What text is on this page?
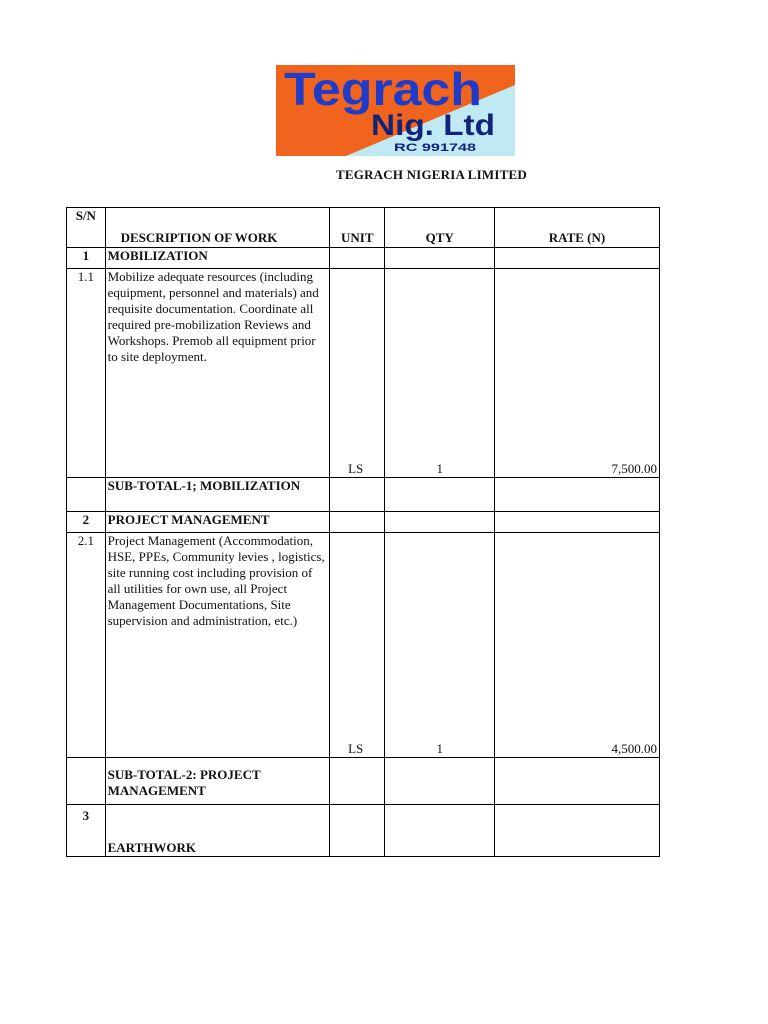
Tegrach
Nig. Ltd
RC 991748
TEGRACH NIGERIA LIMITED
S/N	DESCRIPTION OF WORK	UNIT	QTY	RATE (N)
1	MOBILIZATION			
1.1	Mobilize adequate resources (including equipment, personnel and materials) and requisite documentation. Coordinate all required pre-mobilization Reviews and Workshops. Premob all equipment prior to site deployment.	LS	1	7,500.00
	SUB-TOTAL-1; MOBILIZATION			
2	PROJECT MANAGEMENT			
2.1	Project Management (Accommodation, HSE, PPEs, Community levies , logistics, site running cost including provision of all utilities for own use, all Project Management Documentations, Site supervision and administration, etc.)	LS	1	4,500.00
	SUB-TOTAL-2: PROJECT MANAGEMENT			
3	EARTHWORK			
